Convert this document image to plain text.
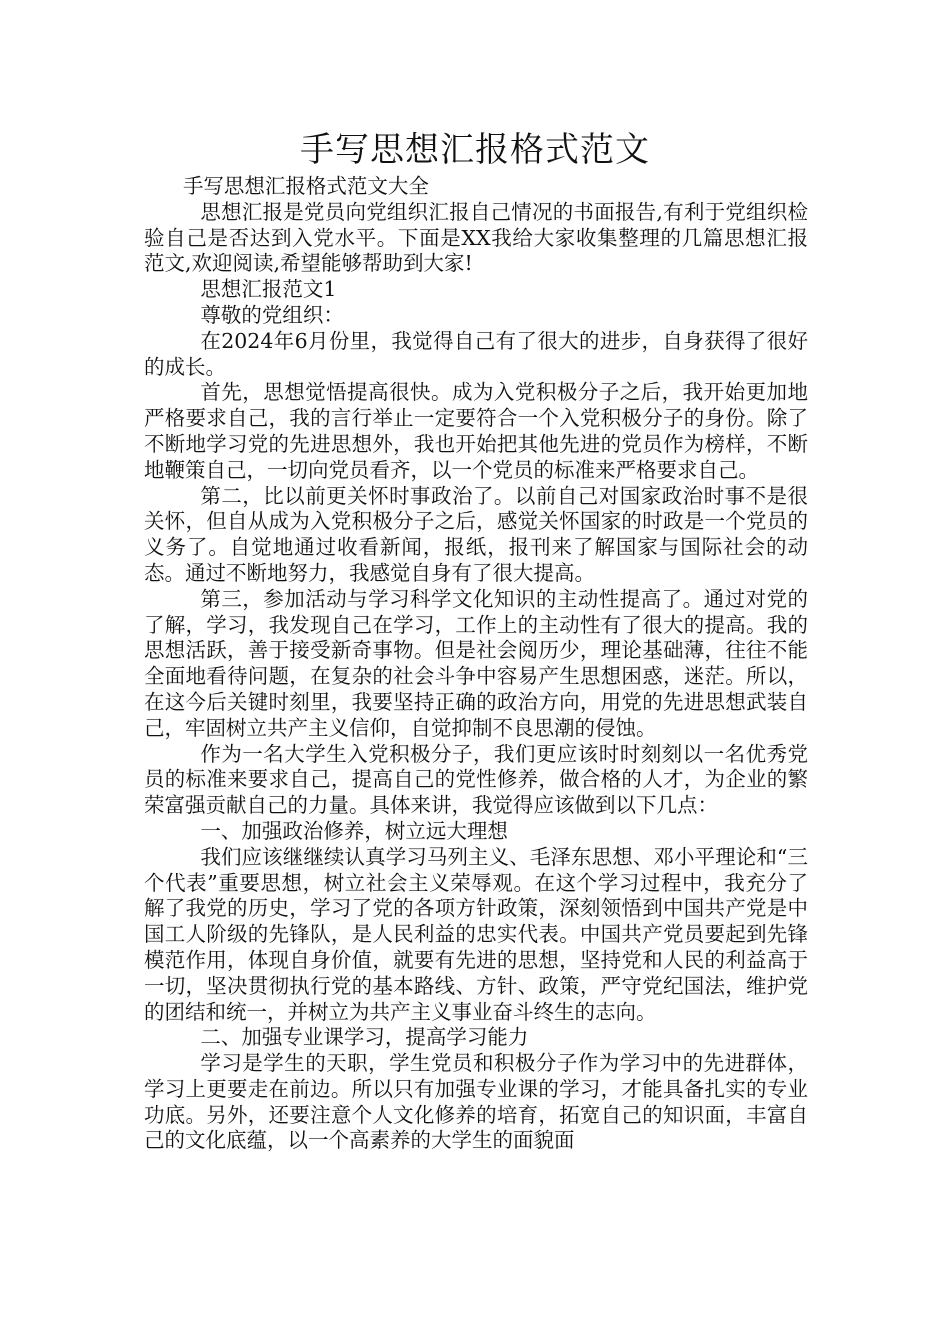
手写思想汇报格式范文

手写思想汇报格式范文大全

思想汇报是党员向党组织汇报自己情况的书面报告,有利于党组织检验自己是否达到入党水平。下面是XX我给大家收集整理的几篇思想汇报范文,欢迎阅读,希望能够帮助到大家!

思想汇报范文1

尊敬的党组织：

在2024年6月份里，我觉得自己有了很大的进步，自身获得了很好的成长。

首先，思想觉悟提高很快。成为入党积极分子之后，我开始更加地严格要求自己，我的言行举止一定要符合一个入党积极分子的身份。除了不断地学习党的先进思想外，我也开始把其他先进的党员作为榜样，不断地鞭策自己，一切向党员看齐，以一个党员的标准来严格要求自己。

第二，比以前更关怀时事政治了。以前自己对国家政治时事不是很关怀，但自从成为入党积极分子之后，感觉关怀国家的时政是一个党员的义务了。自觉地通过收看新闻，报纸，报刊来了解国家与国际社会的动态。通过不断地努力，我感觉自身有了很大提高。

第三，参加活动与学习科学文化知识的主动性提高了。通过对党的了解，学习，我发现自己在学习，工作上的主动性有了很大的提高。我的思想活跃，善于接受新奇事物。但是社会阅历少，理论基础薄，往往不能全面地看待问题，在复杂的社会斗争中容易产生思想困惑，迷茫。所以，在这今后关键时刻里，我要坚持正确的政治方向，用党的先进思想武装自己，牢固树立共产主义信仰，自觉抑制不良思潮的侵蚀。

作为一名大学生入党积极分子，我们更应该时时刻刻以一名优秀党员的标准来要求自己，提高自己的党性修养，做合格的人才，为企业的繁荣富强贡献自己的力量。具体来讲，我觉得应该做到以下几点：

一、加强政治修养，树立远大理想

我们应该继继续认真学习马列主义、毛泽东思想、邓小平理论和“三个代表”重要思想，树立社会主义荣辱观。在这个学习过程中，我充分了解了我党的历史，学习了党的各项方针政策，深刻领悟到中国共产党是中国工人阶级的先锋队，是人民利益的忠实代表。中国共产党员要起到先锋模范作用，体现自身价值，就要有先进的思想，坚持党和人民的利益高于一切，坚决贯彻执行党的基本路线、方针、政策，严守党纪国法，维护党的团结和统一，并树立为共产主义事业奋斗终生的志向。

二、加强专业课学习，提高学习能力

学习是学生的天职，学生党员和积极分子作为学习中的先进群体，学习上更要走在前边。所以只有加强专业课的学习，才能具备扎实的专业功底。另外，还要注意个人文化修养的培育，拓宽自己的知识面，丰富自己的文化底蕴，以一个高素养的大学生的面貌面
